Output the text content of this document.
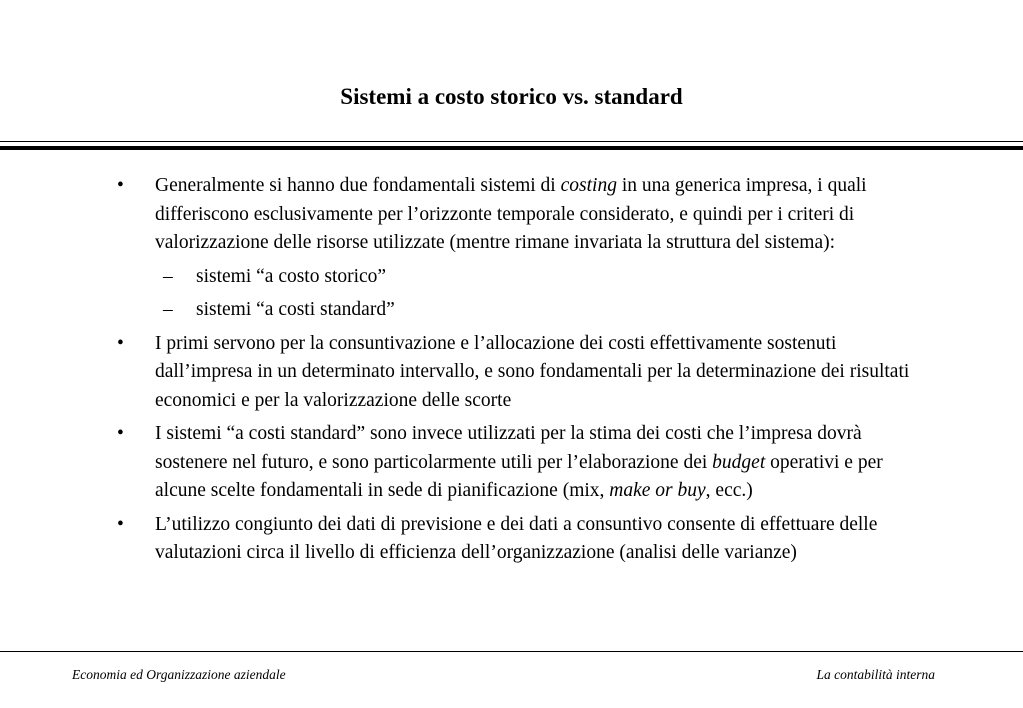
Sistemi a costo storico vs. standard
• Generalmente si hanno due fondamentali sistemi di costing in una generica impresa, i quali differiscono esclusivamente per l’orizzonte temporale considerato, e quindi per i criteri di valorizzazione delle risorse utilizzate (mentre rimane invariata la struttura del sistema):
– sistemi “a costo storico”
– sistemi “a costi standard”
• I primi servono per la consuntivazione e l’allocazione dei costi effettivamente sostenuti dall’impresa in un determinato intervallo, e sono fondamentali per la determinazione dei risultati economici e per la valorizzazione delle scorte
• I sistemi “a costi standard” sono invece utilizzati per la stima dei costi che l’impresa dovrà sostenere nel futuro, e sono particolarmente utili per l’elaborazione dei budget operativi e per alcune scelte fondamentali in sede di pianificazione (mix, make or buy, ecc.)
• L’utilizzo congiunto dei dati di previsione e dei dati a consuntivo consente di effettuare delle valutazioni circa il livello di efficienza dell’organizzazione (analisi delle varianze)
Economia ed Organizzazione aziendale	La contabilità interna
